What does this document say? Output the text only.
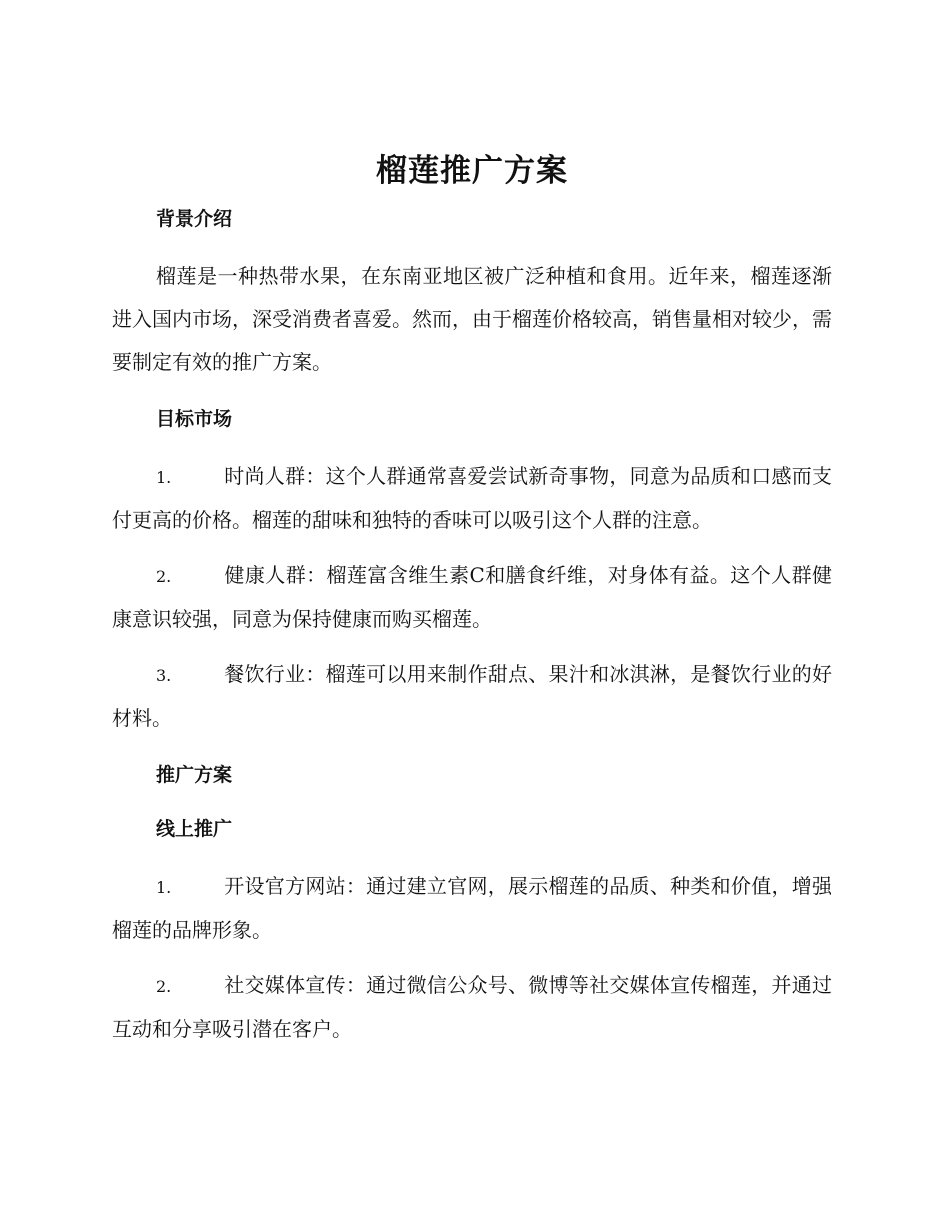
榴莲推广方案

背景介绍

榴莲是一种热带水果，在东南亚地区被广泛种植和食用。近年来，榴莲逐渐进入国内市场，深受消费者喜爱。然而，由于榴莲价格较高，销售量相对较少，需要制定有效的推广方案。

目标市场

1.	时尚人群：这个人群通常喜爱尝试新奇事物，同意为品质和口感而支付更高的价格。榴莲的甜味和独特的香味可以吸引这个人群的注意。

2.	健康人群：榴莲富含维生素C和膳食纤维，对身体有益。这个人群健康意识较强，同意为保持健康而购买榴莲。

3.	餐饮行业：榴莲可以用来制作甜点、果汁和冰淇淋，是餐饮行业的好材料。

推广方案

线上推广

1.	开设官方网站：通过建立官网，展示榴莲的品质、种类和价值，增强榴莲的品牌形象。

2.	社交媒体宣传：通过微信公众号、微博等社交媒体宣传榴莲，并通过互动和分享吸引潜在客户。
